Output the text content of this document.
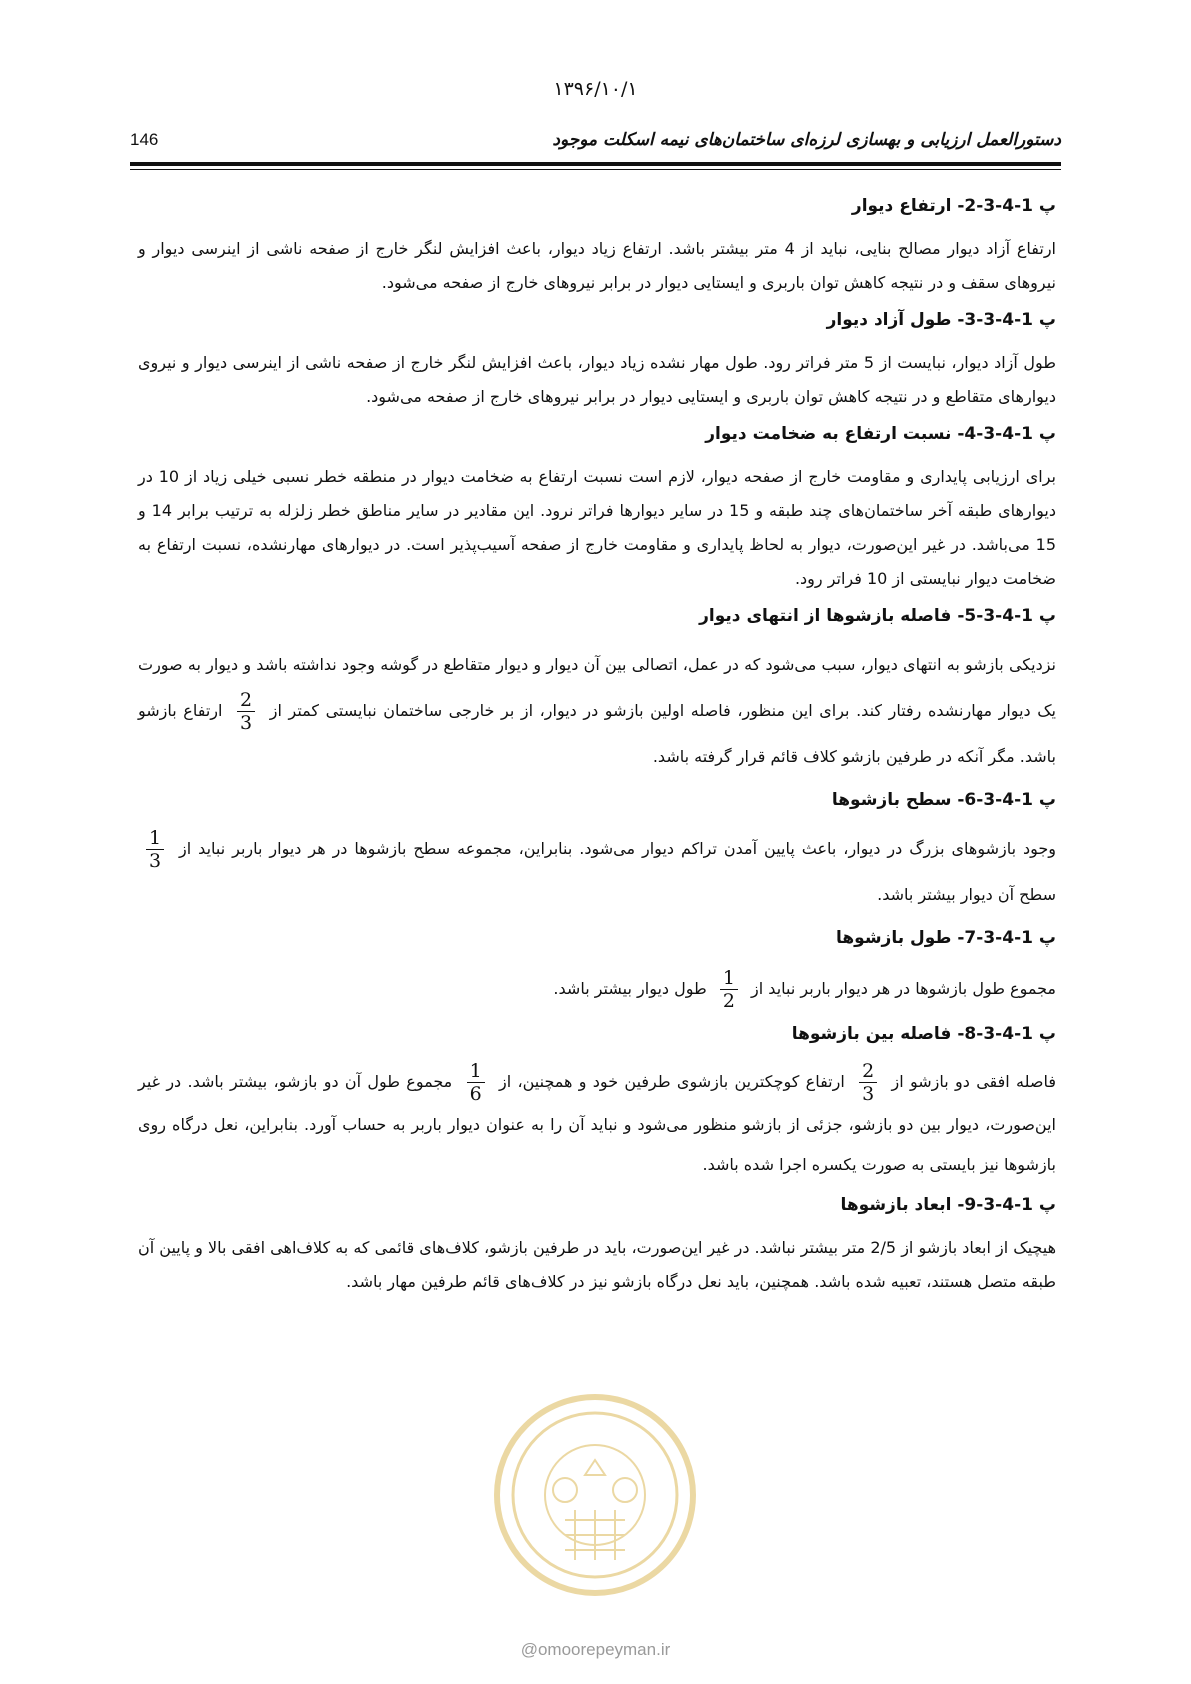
۱۳۹۶/۱۰/۱
دستورالعمل ارزیابی و بهسازی لرزه‌ای ساختمان‌های نیمه اسکلت موجود
146
پ 1-4-3-2- ارتفاع دیوار

ارتفاع آزاد دیوار مصالح بنایی، نباید از 4 متر بیشتر باشد. ارتفاع زیاد دیوار، باعث افزایش لنگر خارج از صفحه ناشی از اینرسی دیوار و نیروهای سقف و در نتیجه کاهش توان باربری و ایستایی دیوار در برابر نیروهای خارج از صفحه می‌شود.

پ 1-4-3-3- طول آزاد دیوار

طول آزاد دیوار، نبایست از 5 متر فراتر رود. طول مهار نشده زیاد دیوار، باعث افزایش لنگر خارج از صفحه ناشی از اینرسی دیوار و نیروی دیوارهای متقاطع و در نتیجه کاهش توان باربری و ایستایی دیوار در برابر نیروهای خارج از صفحه می‌شود.

پ 1-4-3-4- نسبت ارتفاع به ضخامت دیوار

برای ارزیابی پایداری و مقاومت خارج از صفحه دیوار، لازم است نسبت ارتفاع به ضخامت دیوار در منطقه خطر نسبی خیلی زیاد از 10 در دیوارهای طبقه آخر ساختمان‌های چند طبقه و 15 در سایر دیوارها فراتر نرود. این مقادیر در سایر مناطق خطر زلزله به ترتیب برابر 14 و 15 می‌باشد. در غیر این‌صورت، دیوار به لحاظ پایداری و مقاومت خارج از صفحه آسیب‌پذیر است. در دیوارهای مهارنشده، نسبت ارتفاع به ضخامت دیوار نبایستی از 10 فراتر رود.

پ 1-4-3-5- فاصله بازشوها از انتهای دیوار

نزدیکی بازشو به انتهای دیوار، سبب می‌شود که در عمل، اتصالی بین آن دیوار و دیوار متقاطع در گوشه وجود نداشته باشد و دیوار به صورت یک دیوار مهارنشده رفتار کند. برای این منظور، فاصله اولین بازشو در دیوار، از بر خارجی ساختمان نبایستی کمتر از
$\frac{2}{3}$
ارتفاع بازشو باشد. مگر آنکه در طرفین بازشو کلاف قائم قرار گرفته باشد.

پ 1-4-3-6- سطح بازشوها

وجود بازشوهای بزرگ در دیوار، باعث پایین آمدن تراکم دیوار می‌شود. بنابراین، مجموعه سطح بازشوها در هر دیوار باربر نباید از
$\frac{1}{3}$
سطح آن دیوار بیشتر باشد.

پ 1-4-3-7- طول بازشوها

مجموع طول بازشوها در هر دیوار باربر نباید از
$\frac{1}{2}$
طول دیوار بیشتر باشد.

پ 1-4-3-8- فاصله بین بازشوها

فاصله افقی دو بازشو از
$\frac{2}{3}$
ارتفاع کوچکترین بازشوی طرفین خود و همچنین، از
$\frac{1}{6}$
مجموع طول آن دو بازشو، بیشتر باشد. در غیر این‌صورت، دیوار بین دو بازشو، جزئی از بازشو منظور می‌شود و نباید آن را به عنوان دیوار باربر به حساب آورد. بنابراین، نعل درگاه روی بازشوها نیز بایستی به صورت یکسره اجرا شده باشد.

پ 1-4-3-9- ابعاد بازشوها

هیچیک از ابعاد بازشو از 2/5 متر بیشتر نباشد. در غیر این‌صورت، باید در طرفین بازشو، کلاف‌های قائمی که به کلاف‌اهی افقی بالا و پایین آن طبقه متصل هستند، تعبیه شده باشد. همچنین، باید نعل درگاه بازشو نیز در کلاف‌های قائم طرفین مهار باشد.

@omoorepeyman.ir
